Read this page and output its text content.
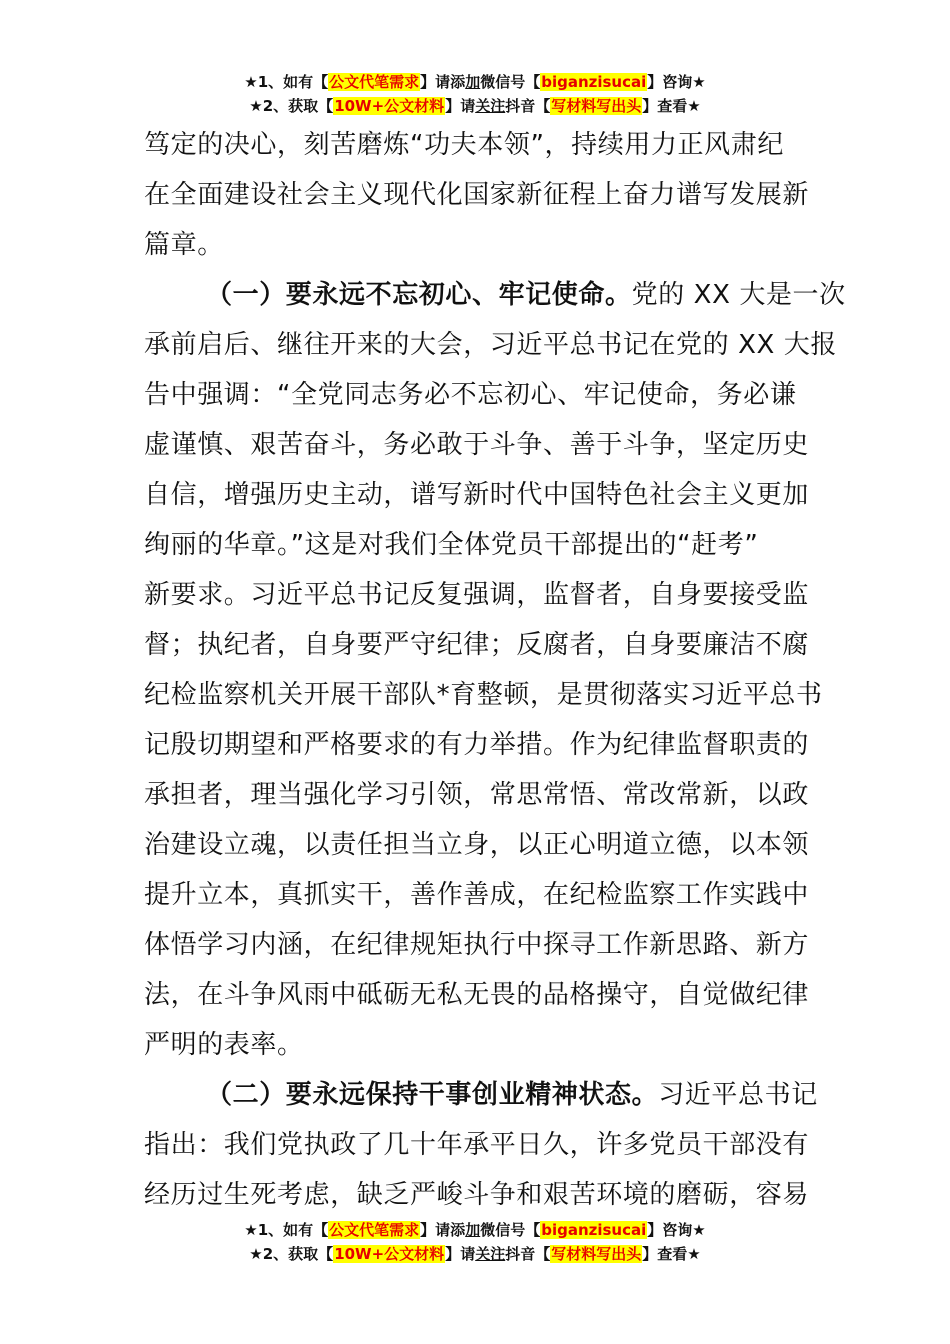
★1、如有【公文代笔需求】请添加微信号【biganzisucai】咨询★
★2、获取【10W+公文材料】请关注抖音【写材料写出头】查看★
笃定的决心，刻苦磨炼“功夫本领”，持续用力正风肃纪
在全面建设社会主义现代化国家新征程上奋力谱写发展新
篇章。
（一）要永远不忘初心、牢记使命。党的 XX 大是一次
承前启后、继往开来的大会，习近平总书记在党的 XX 大报
告中强调：“全党同志务必不忘初心、牢记使命，务必谦
虚谨慎、艰苦奋斗，务必敢于斗争、善于斗争，坚定历史
自信，增强历史主动，谱写新时代中国特色社会主义更加
绚丽的华章。”这是对我们全体党员干部提出的“赶考”
新要求。习近平总书记反复强调，监督者，自身要接受监
督；执纪者，自身要严守纪律；反腐者，自身要廉洁不腐
纪检监察机关开展干部队*育整顿，是贯彻落实习近平总书
记殷切期望和严格要求的有力举措。作为纪律监督职责的
承担者，理当强化学习引领，常思常悟、常改常新，以政
治建设立魂，以责任担当立身，以正心明道立德，以本领
提升立本，真抓实干，善作善成，在纪检监察工作实践中
体悟学习内涵，在纪律规矩执行中探寻工作新思路、新方
法，在斗争风雨中砥砺无私无畏的品格操守，自觉做纪律
严明的表率。
（二）要永远保持干事创业精神状态。习近平总书记
指出：我们党执政了几十年承平日久，许多党员干部没有
经历过生死考虑，缺乏严峻斗争和艰苦环境的磨砺，容易
★1、如有【公文代笔需求】请添加微信号【biganzisucai】咨询★
★2、获取【10W+公文材料】请关注抖音【写材料写出头】查看★
